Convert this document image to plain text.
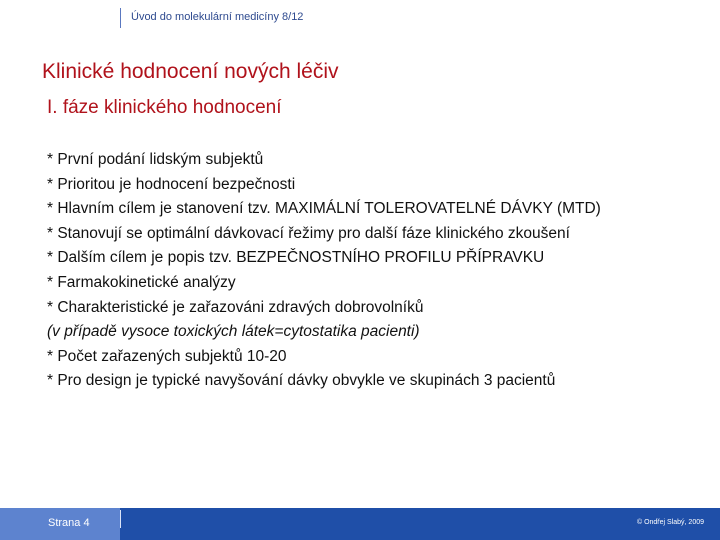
Úvod do molekulární medicíny 8/12
Klinické hodnocení nových léčiv
I. fáze klinického hodnocení
* První podání lidským subjektů
* Prioritou je hodnocení bezpečnosti
* Hlavním cílem je stanovení tzv. MAXIMÁLNÍ TOLEROVATELNÉ DÁVKY (MTD)
* Stanovují se optimální dávkovací řežimy pro další fáze klinického zkoušení
* Dalším cílem je popis tzv. BEZPEČNOSTNÍHO PROFILU PŘÍPRAVKU
* Farmakokinetické analýzy
* Charakteristické je zařazováni zdravých dobrovolníků
(v případě vysoce toxických látek=cytostatika pacienti)
* Počet zařazených subjektů 10-20
* Pro design je typické navyšování dávky obvykle ve skupinách 3 pacientů
Strana 4	© Ondřej Slabý, 2009
